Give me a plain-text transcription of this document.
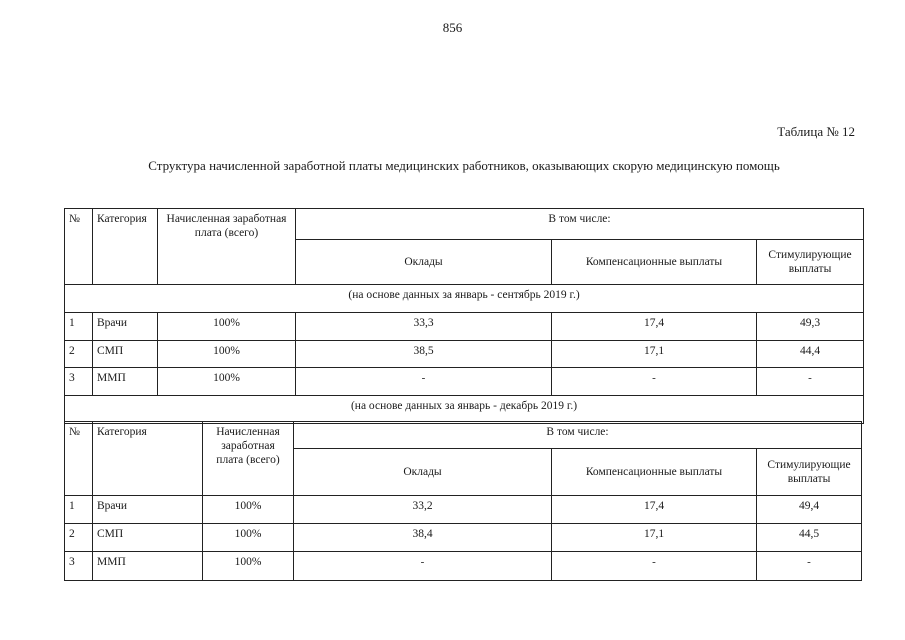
856
Таблица № 12
Структура начисленной заработной платы медицинских работников, оказывающих скорую медицинскую помощь
№	Категория	Начисленная заработная плата (всего)	В том числе:		
			Оклады	Компенсационные выплаты	Стимулирующие выплаты
(на основе данных за январь - сентябрь 2019 г.)					
1	Врачи	100%	33,3	17,4	49,3
2	СМП	100%	38,5	17,1	44,4
3	ММП	100%	-	-	-
(на основе данных за январь - декабрь 2019 г.)					
№	Категория	Начисленная заработная плата (всего)	В том числе:		
			Оклады	Компенсационные выплаты	Стимулирующие выплаты
1	Врачи	100%	33,2	17,4	49,4
2	СМП	100%	38,4	17,1	44,5
3	ММП	100%	-	-	-
